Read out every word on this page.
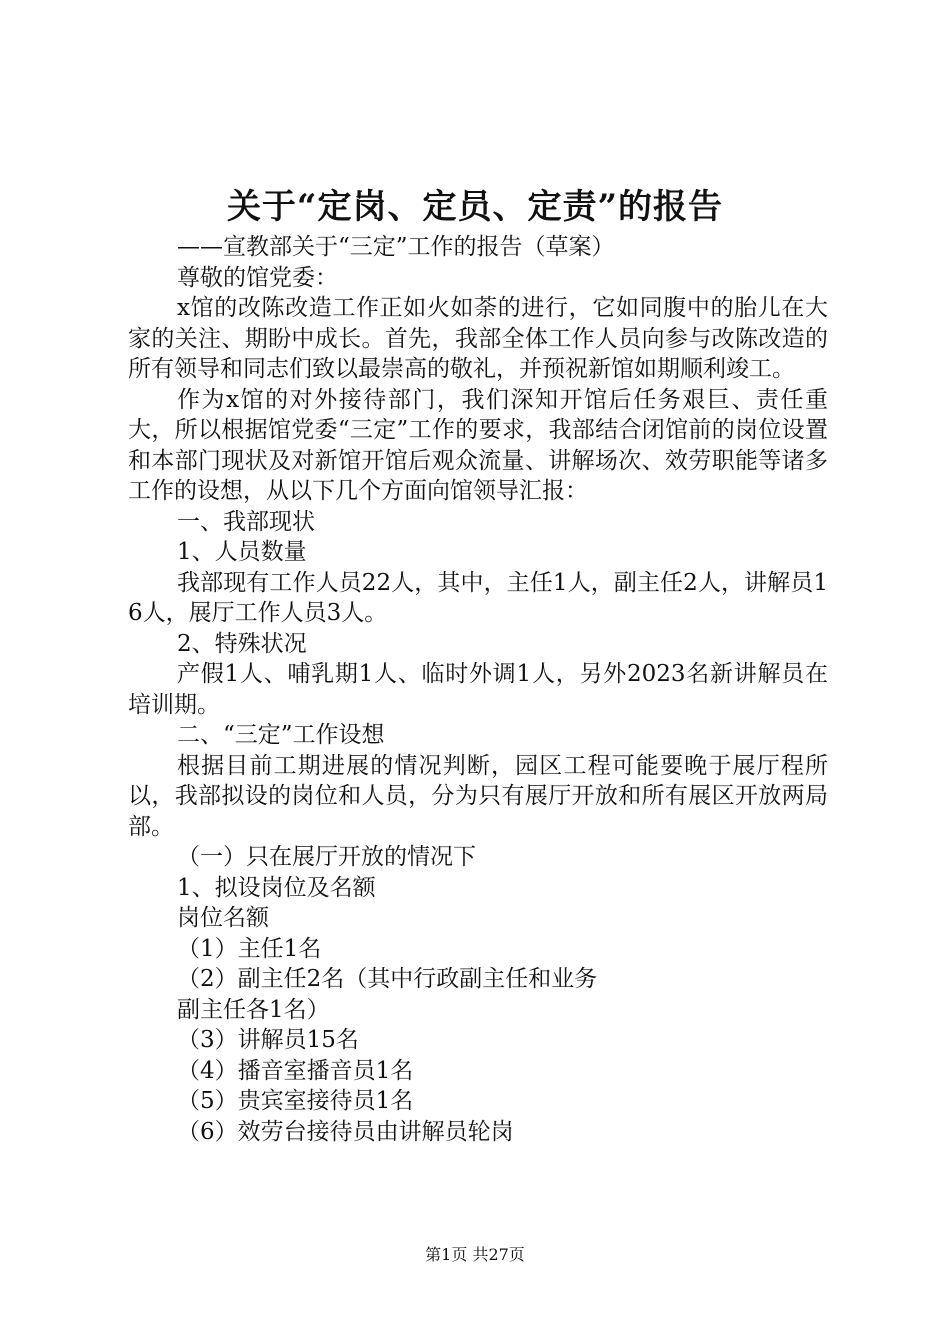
关于“定岗、定员、定责”的报告

——宣教部关于“三定”工作的报告（草案）

尊敬的馆党委：

x馆的改陈改造工作正如火如荼的进行，它如同腹中的胎儿在大家的关注、期盼中成长。首先，我部全体工作人员向参与改陈改造的所有领导和同志们致以最崇高的敬礼，并预祝新馆如期顺利竣工。

作为x馆的对外接待部门，我们深知开馆后任务艰巨、责任重大，所以根据馆党委“三定”工作的要求，我部结合闭馆前的岗位设置和本部门现状及对新馆开馆后观众流量、讲解场次、效劳职能等诸多工作的设想，从以下几个方面向馆领导汇报：

一、我部现状

1、人员数量

我部现有工作人员22人，其中，主任1人，副主任2人，讲解员16人，展厅工作人员3人。

2、特殊状况

产假1人、哺乳期1人、临时外调1人，另外2023名新讲解员在培训期。

二、“三定”工作设想

根据目前工期进展的情况判断，园区工程可能要晚于展厅程所以，我部拟设的岗位和人员，分为只有展厅开放和所有展区开放两局部。

（一）只在展厅开放的情况下

1、拟设岗位及名额

岗位名额

（1）主任1名

（2）副主任2名（其中行政副主任和业务

副主任各1名）

（3）讲解员15名

（4）播音室播音员1名

（5）贵宾室接待员1名

（6）效劳台接待员由讲解员轮岗

第1页 共27页
